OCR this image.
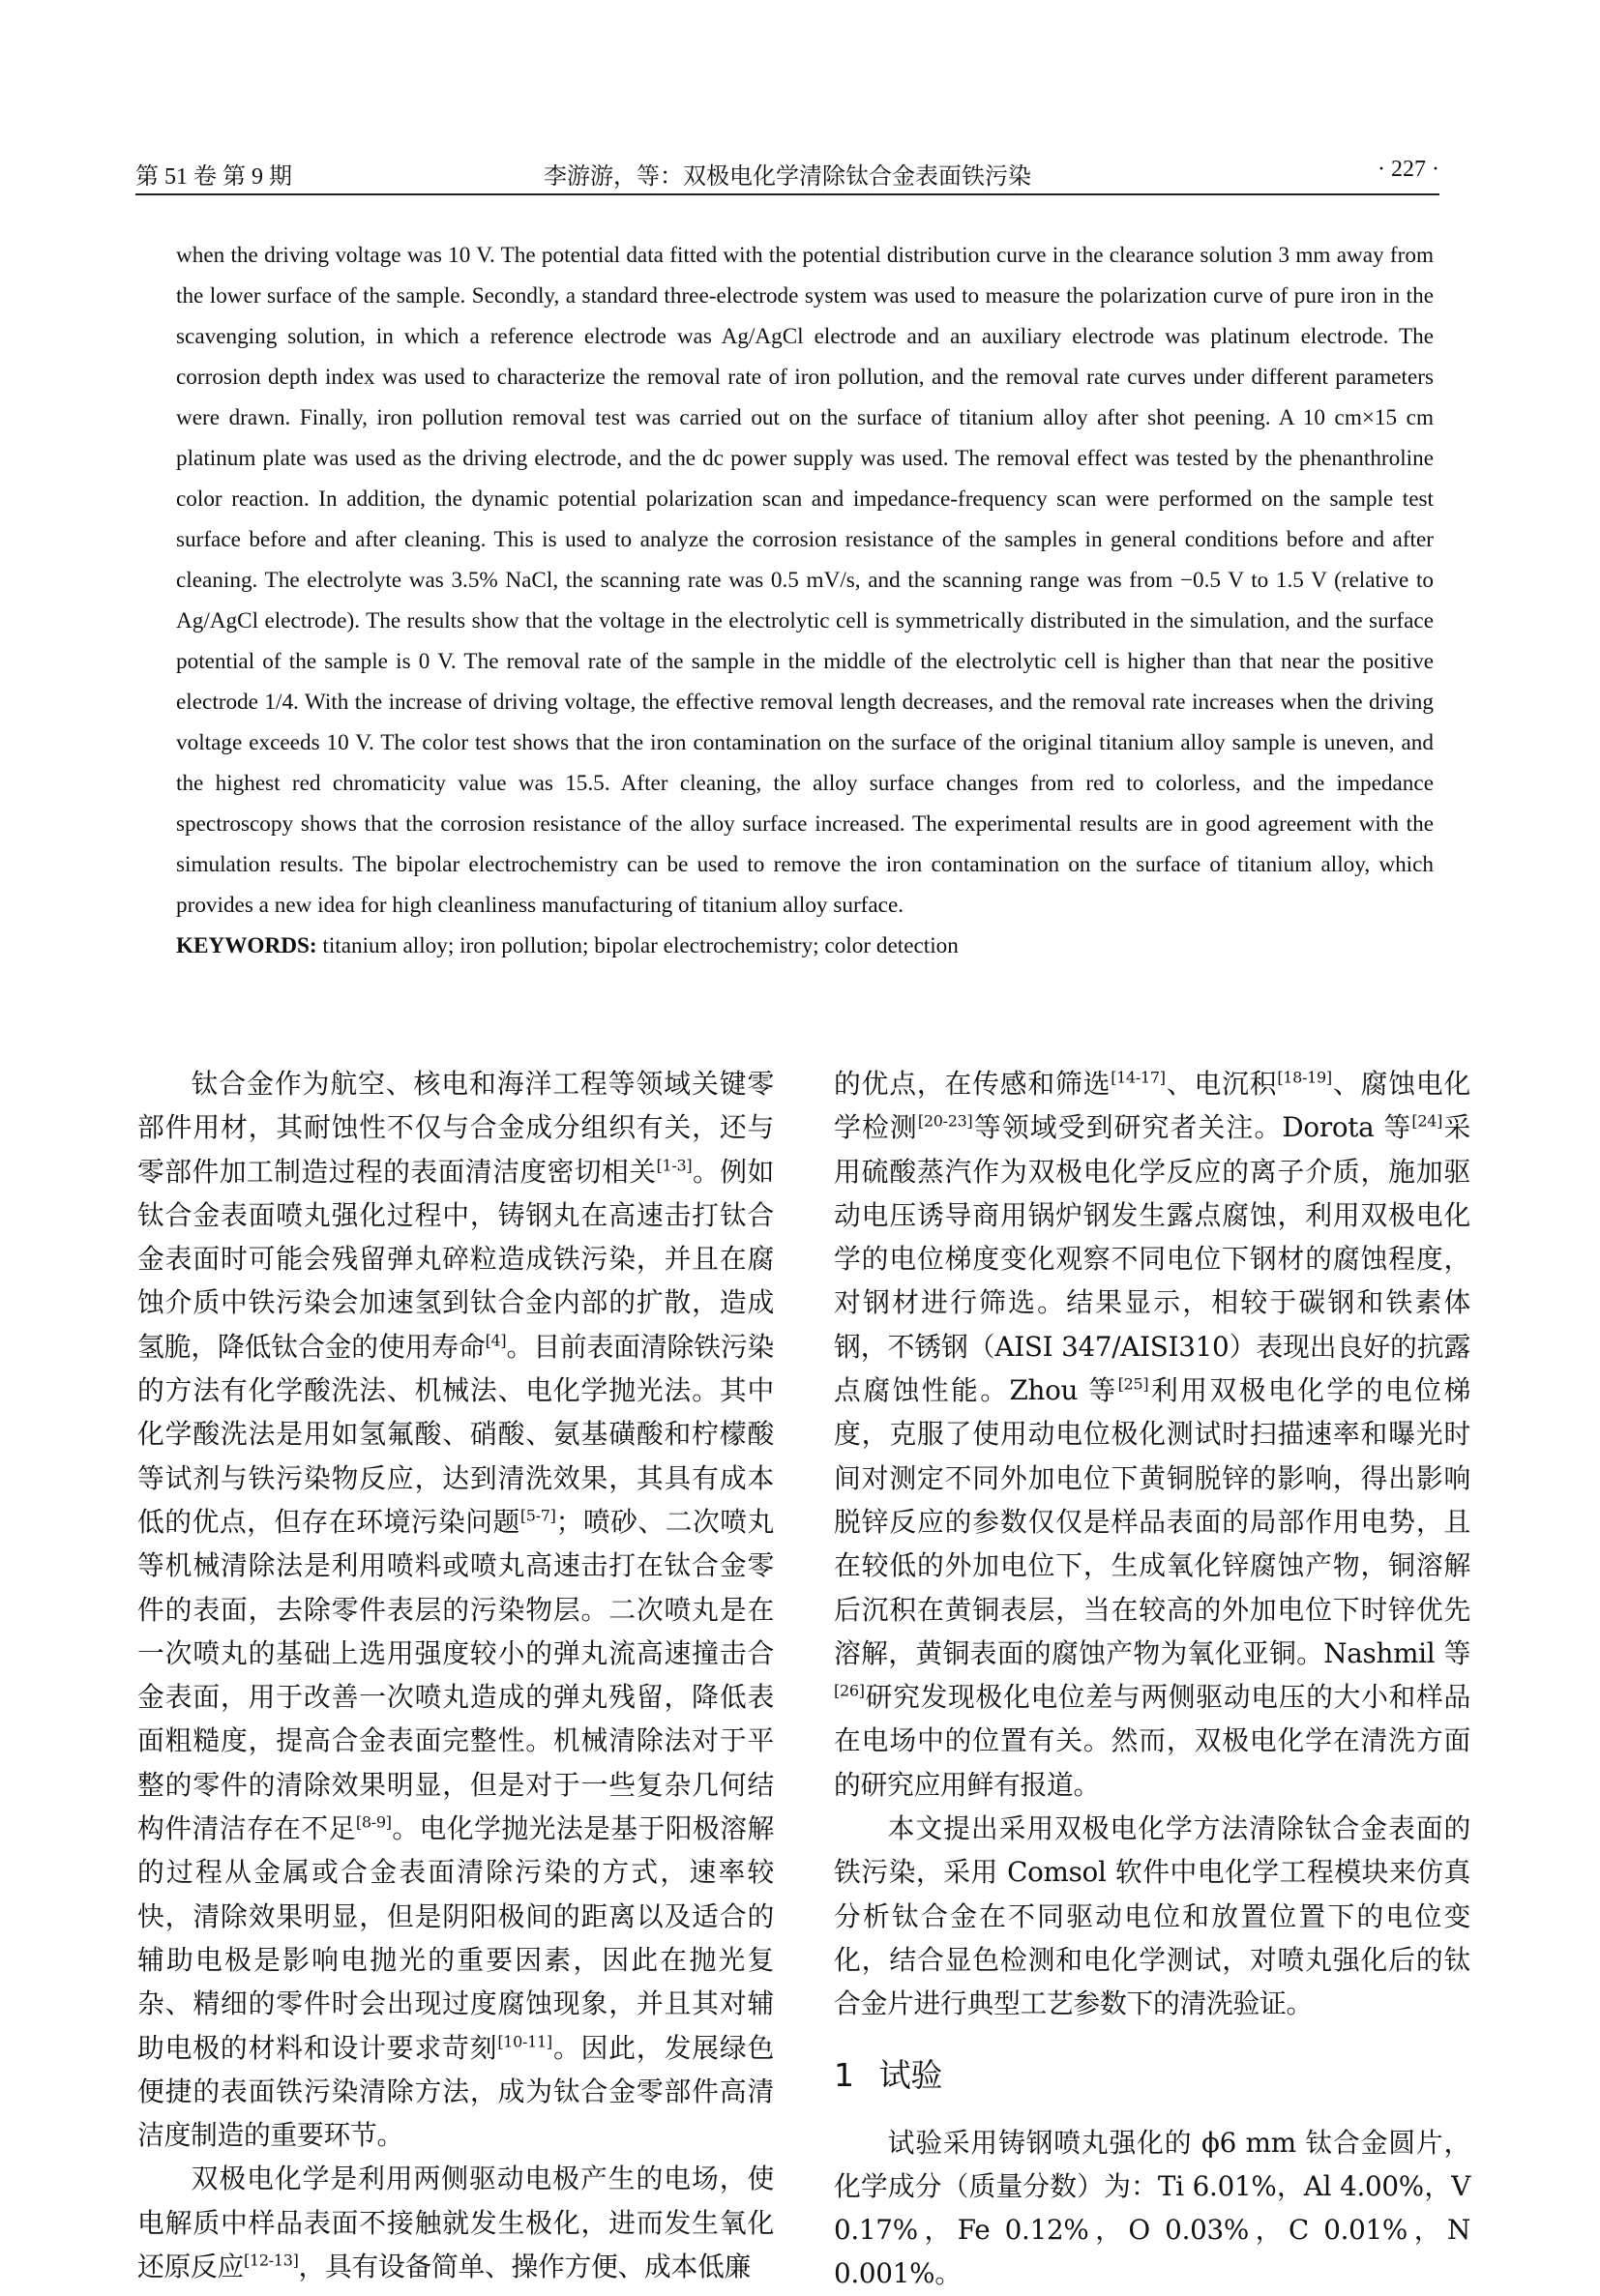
第 51 卷 第 9 期	李游游，等：双极电化学清除钛合金表面铁污染	· 227 ·

when the driving voltage was 10 V. The potential data fitted with the potential distribution curve in the clearance solution 3 mm away from the lower surface of the sample. Secondly, a standard three-electrode system was used to measure the polarization curve of pure iron in the scavenging solution, in which a reference electrode was Ag/AgCl electrode and an auxiliary electrode was platinum electrode. The corrosion depth index was used to characterize the removal rate of iron pollution, and the removal rate curves under different parameters were drawn. Finally, iron pollution removal test was carried out on the surface of titanium alloy after shot peening. A 10 cm×15 cm platinum plate was used as the driving electrode, and the dc power supply was used. The removal effect was tested by the phenanthroline color reaction. In addition, the dynamic potential polarization scan and impedance-frequency scan were performed on the sample test surface before and after cleaning. This is used to analyze the corrosion resistance of the samples in general conditions before and after cleaning. The electrolyte was 3.5% NaCl, the scanning rate was 0.5 mV/s, and the scanning range was from −0.5 V to 1.5 V (relative to Ag/AgCl electrode). The results show that the voltage in the electrolytic cell is symmetrically distributed in the simulation, and the surface potential of the sample is 0 V. The removal rate of the sample in the middle of the electrolytic cell is higher than that near the positive electrode 1/4. With the increase of driving voltage, the effective removal length decreases, and the removal rate increases when the driving voltage exceeds 10 V. The color test shows that the iron contamination on the surface of the original titanium alloy sample is uneven, and the highest red chromaticity value was 15.5. After cleaning, the alloy surface changes from red to colorless, and the impedance spectroscopy shows that the corrosion resistance of the alloy surface increased. The experimental results are in good agreement with the simulation results. The bipolar electrochemistry can be used to remove the iron contamination on the surface of titanium alloy, which provides a new idea for high cleanliness manufacturing of titanium alloy surface.

KEYWORDS: titanium alloy; iron pollution; bipolar electrochemistry; color detection

钛合金作为航空、核电和海洋工程等领域关键零部件用材，其耐蚀性不仅与合金成分组织有关，还与零部件加工制造过程的表面清洁度密切相关[1-3]。例如钛合金表面喷丸强化过程中，铸钢丸在高速击打钛合金表面时可能会残留弹丸碎粒造成铁污染，并且在腐蚀介质中铁污染会加速氢到钛合金内部的扩散，造成氢脆，降低钛合金的使用寿命[4]。目前表面清除铁污染的方法有化学酸洗法、机械法、电化学抛光法。其中化学酸洗法是用如氢氟酸、硝酸、氨基磺酸和柠檬酸等试剂与铁污染物反应，达到清洗效果，其具有成本低的优点，但存在环境污染问题[5-7]；喷砂、二次喷丸等机械清除法是利用喷料或喷丸高速击打在钛合金零件的表面，去除零件表层的污染物层。二次喷丸是在一次喷丸的基础上选用强度较小的弹丸流高速撞击合金表面，用于改善一次喷丸造成的弹丸残留，降低表面粗糙度，提高合金表面完整性。机械清除法对于平整的零件的清除效果明显，但是对于一些复杂几何结构件清洁存在不足[8-9]。电化学抛光法是基于阳极溶解的过程从金属或合金表面清除污染的方式，速率较快，清除效果明显，但是阴阳极间的距离以及适合的辅助电极是影响电抛光的重要因素，因此在抛光复杂、精细的零件时会出现过度腐蚀现象，并且其对辅助电极的材料和设计要求苛刻[10-11]。因此，发展绿色便捷的表面铁污染清除方法，成为钛合金零部件高清洁度制造的重要环节。

双极电化学是利用两侧驱动电极产生的电场，使电解质中样品表面不接触就发生极化，进而发生氧化还原反应[12-13]，具有设备简单、操作方便、成本低廉

的优点，在传感和筛选[14-17]、电沉积[18-19]、腐蚀电化学检测[20-23]等领域受到研究者关注。Dorota 等[24]采用硫酸蒸汽作为双极电化学反应的离子介质，施加驱动电压诱导商用锅炉钢发生露点腐蚀，利用双极电化学的电位梯度变化观察不同电位下钢材的腐蚀程度，对钢材进行筛选。结果显示，相较于碳钢和铁素体钢，不锈钢（AISI 347/AISI310）表现出良好的抗露点腐蚀性能。Zhou 等[25]利用双极电化学的电位梯度，克服了使用动电位极化测试时扫描速率和曝光时间对测定不同外加电位下黄铜脱锌的影响，得出影响脱锌反应的参数仅仅是样品表面的局部作用电势，且在较低的外加电位下，生成氧化锌腐蚀产物，铜溶解后沉积在黄铜表层，当在较高的外加电位下时锌优先溶解，黄铜表面的腐蚀产物为氧化亚铜。Nashmil 等[26]研究发现极化电位差与两侧驱动电压的大小和样品在电场中的位置有关。然而，双极电化学在清洗方面的研究应用鲜有报道。

本文提出采用双极电化学方法清除钛合金表面的铁污染，采用 Comsol 软件中电化学工程模块来仿真分析钛合金在不同驱动电位和放置位置下的电位变化，结合显色检测和电化学测试，对喷丸强化后的钛合金片进行典型工艺参数下的清洗验证。

1 试验

试验采用铸钢喷丸强化的 ϕ6 mm 钛合金圆片，化学成分（质量分数）为：Ti 6.01%，Al 4.00%，V 0.17%，Fe 0.12%，O 0.03%，C 0.01%，N 0.001%。
